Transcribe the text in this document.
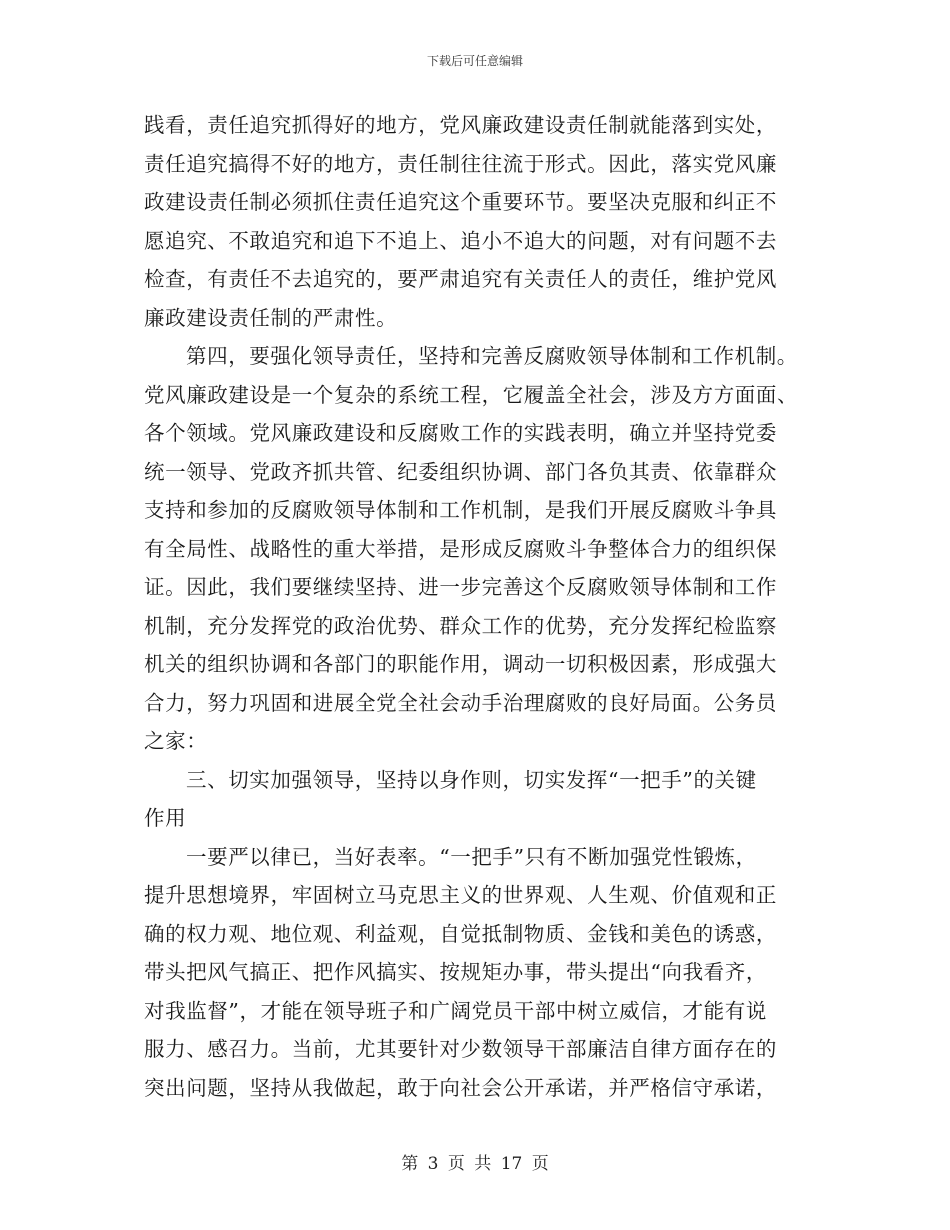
下载后可任意编辑
践看，责任追究抓得好的地方，党风廉政建设责任制就能落到实处，
责任追究搞得不好的地方，责任制往往流于形式。因此，落实党风廉
政建设责任制必须抓住责任追究这个重要环节。要坚决克服和纠正不
愿追究、不敢追究和追下不追上、追小不追大的问题，对有问题不去
检查，有责任不去追究的，要严肃追究有关责任人的责任，维护党风
廉政建设责任制的严肃性。
第四，要强化领导责任，坚持和完善反腐败领导体制和工作机制。
党风廉政建设是一个复杂的系统工程，它履盖全社会，涉及方方面面、
各个领域。党风廉政建设和反腐败工作的实践表明，确立并坚持党委
统一领导、党政齐抓共管、纪委组织协调、部门各负其责、依靠群众
支持和参加的反腐败领导体制和工作机制，是我们开展反腐败斗争具
有全局性、战略性的重大举措，是形成反腐败斗争整体合力的组织保
证。因此，我们要继续坚持、进一步完善这个反腐败领导体制和工作
机制，充分发挥党的政治优势、群众工作的优势，充分发挥纪检监察
机关的组织协调和各部门的职能作用，调动一切积极因素，形成强大
合力，努力巩固和进展全党全社会动手治理腐败的良好局面。公务员
之家：
三、切实加强领导，坚持以身作则，切实发挥“一把手”的关键
作用
一要严以律已，当好表率。“一把手”只有不断加强党性锻炼，
提升思想境界，牢固树立马克思主义的世界观、人生观、价值观和正
确的权力观、地位观、利益观，自觉抵制物质、金钱和美色的诱惑，
带头把风气搞正、把作风搞实、按规矩办事，带头提出“向我看齐，
对我监督”，才能在领导班子和广阔党员干部中树立威信，才能有说
服力、感召力。当前，尤其要针对少数领导干部廉洁自律方面存在的
突出问题，坚持从我做起，敢于向社会公开承诺，并严格信守承诺，
第 3 页 共 17 页
